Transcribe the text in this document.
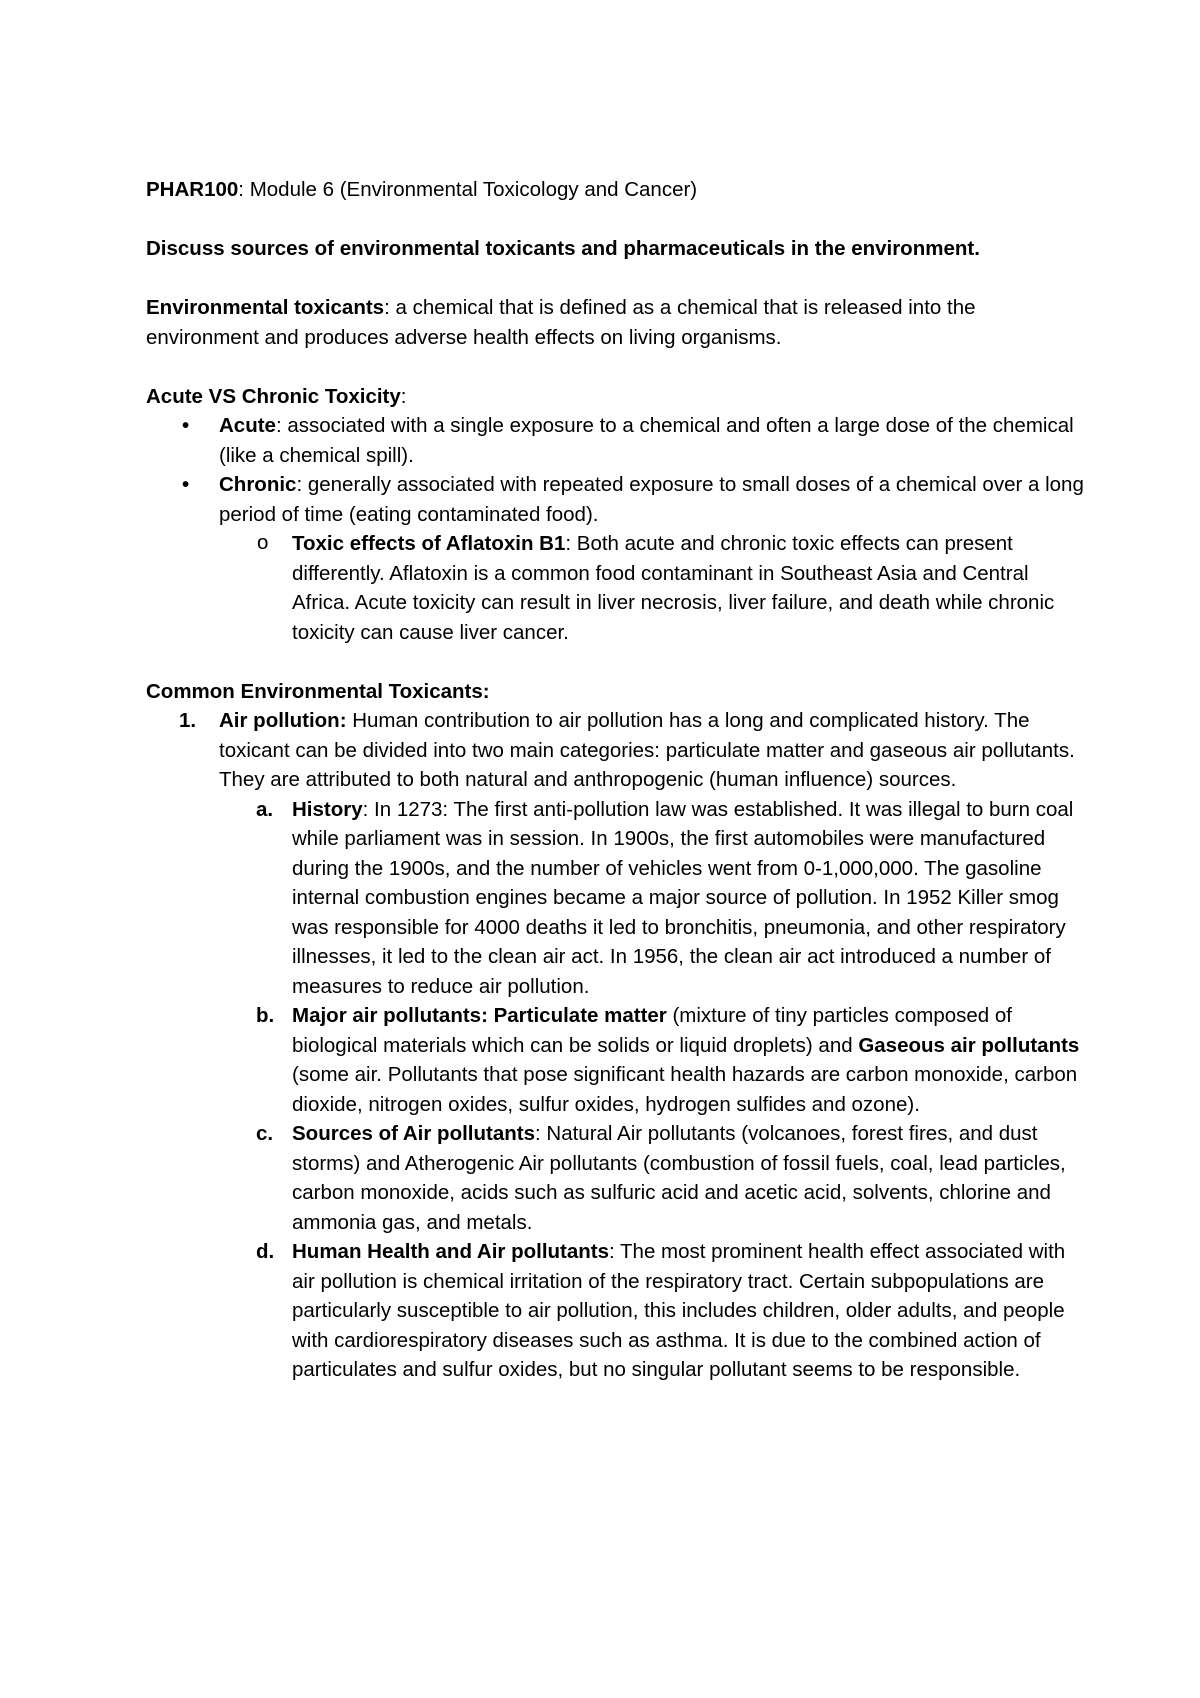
PHAR100: Module 6 (Environmental Toxicology and Cancer)

Discuss sources of environmental toxicants and pharmaceuticals in the environment.

Environmental toxicants: a chemical that is defined as a chemical that is released into the environment and produces adverse health effects on living organisms.

Acute VS Chronic Toxicity:

• Acute: associated with a single exposure to a chemical and often a large dose of the chemical (like a chemical spill).
• Chronic: generally associated with repeated exposure to small doses of a chemical over a long period of time (eating contaminated food).
o Toxic effects of Aflatoxin B1: Both acute and chronic toxic effects can present differently. Aflatoxin is a common food contaminant in Southeast Asia and Central Africa. Acute toxicity can result in liver necrosis, liver failure, and death while chronic toxicity can cause liver cancer.

Common Environmental Toxicants:

1. Air pollution: Human contribution to air pollution has a long and complicated history. The toxicant can be divided into two main categories: particulate matter and gaseous air pollutants. They are attributed to both natural and anthropogenic (human influence) sources.
a. History: In 1273: The first anti-pollution law was established. It was illegal to burn coal while parliament was in session. In 1900s, the first automobiles were manufactured during the 1900s, and the number of vehicles went from 0-1,000,000. The gasoline internal combustion engines became a major source of pollution. In 1952 Killer smog was responsible for 4000 deaths it led to bronchitis, pneumonia, and other respiratory illnesses, it led to the clean air act. In 1956, the clean air act introduced a number of measures to reduce air pollution.
b. Major air pollutants: Particulate matter (mixture of tiny particles composed of biological materials which can be solids or liquid droplets) and Gaseous air pollutants (some air. Pollutants that pose significant health hazards are carbon monoxide, carbon dioxide, nitrogen oxides, sulfur oxides, hydrogen sulfides and ozone).
c. Sources of Air pollutants: Natural Air pollutants (volcanoes, forest fires, and dust storms) and Atherogenic Air pollutants (combustion of fossil fuels, coal, lead particles, carbon monoxide, acids such as sulfuric acid and acetic acid, solvents, chlorine and ammonia gas, and metals.
d. Human Health and Air pollutants: The most prominent health effect associated with air pollution is chemical irritation of the respiratory tract. Certain subpopulations are particularly susceptible to air pollution, this includes children, older adults, and people with cardiorespiratory diseases such as asthma. It is due to the combined action of particulates and sulfur oxides, but no singular pollutant seems to be responsible.
